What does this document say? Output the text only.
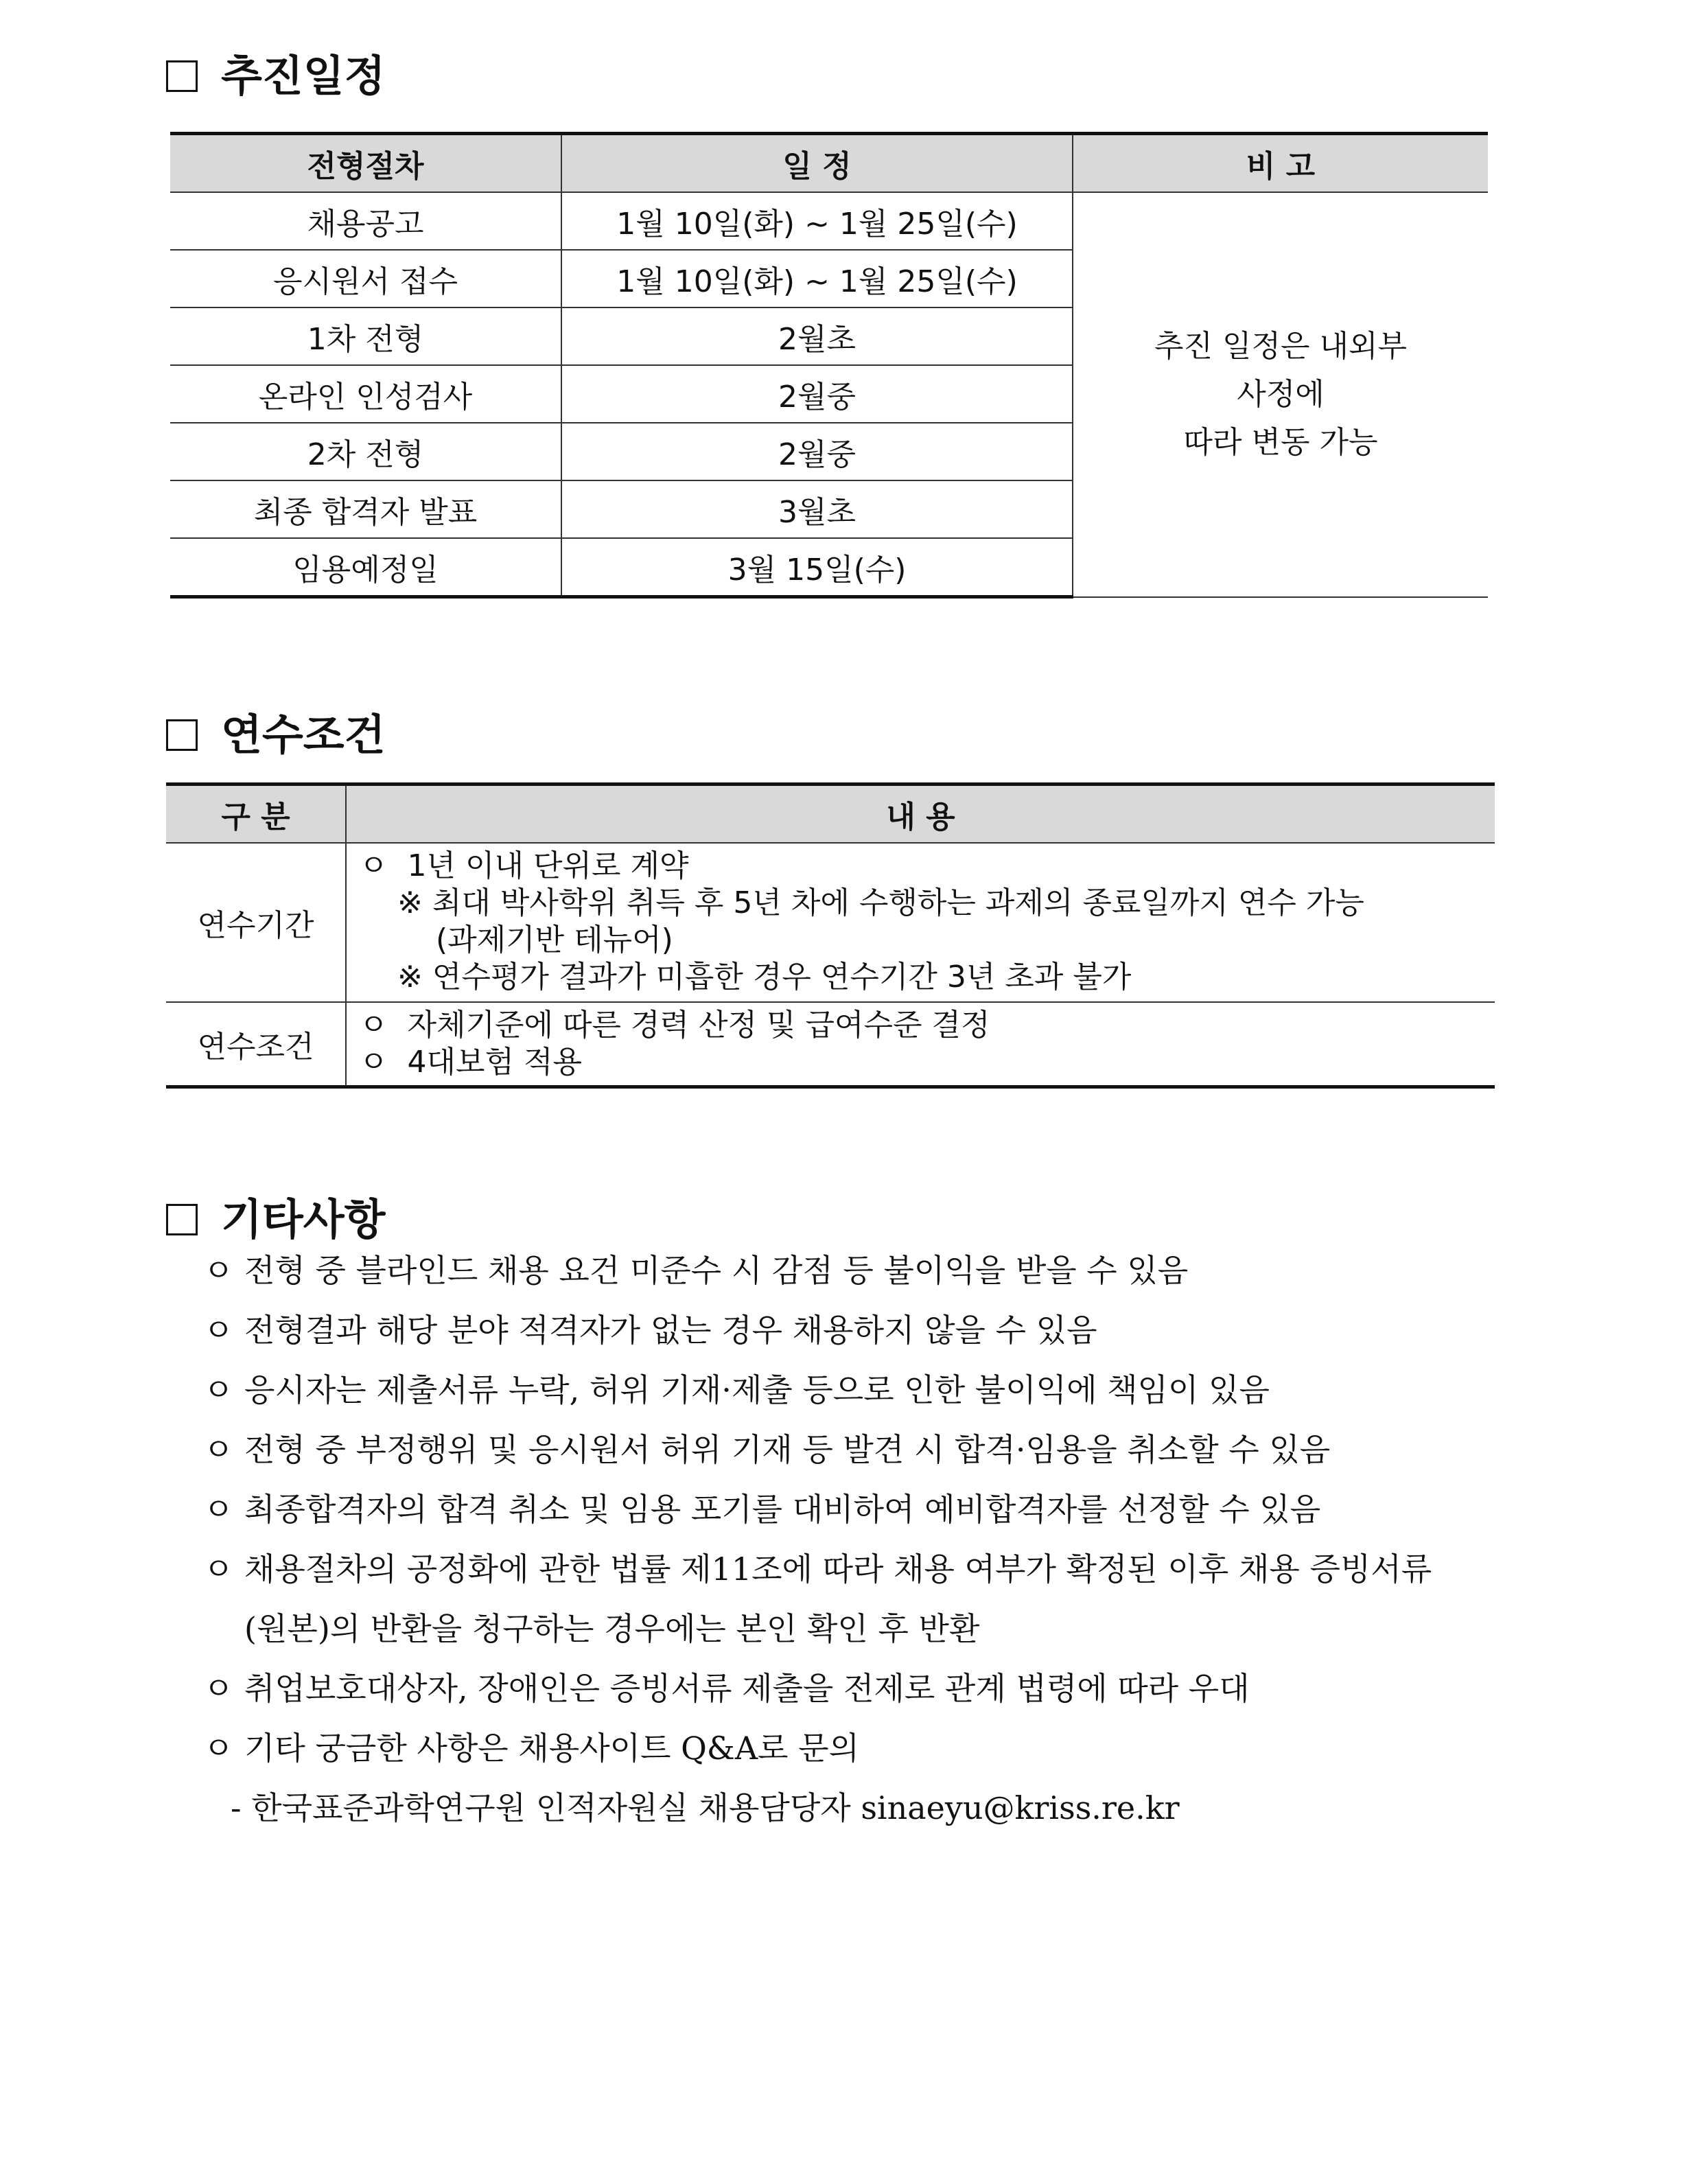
추진일정
전형절차	일 정	비 고
채용공고	1월 10일(화) ~ 1월 25일(수)	추진 일정은 내외부
사정에
따라 변동 가능
응시원서 접수	1월 10일(화) ~ 1월 25일(수)	
1차 전형	2월초	
온라인 인성검사	2월중	
2차 전형	2월중	
최종 합격자 발표	3월초	
임용예정일	3월 15일(수)	
연수조건
구 분	내 용
연수기간	ㅇ 1년 이내 단위로 계약
※ 최대 박사학위 취득 후 5년 차에 수행하는 과제의 종료일까지 연수 가능
(과제기반 테뉴어)
※ 연수평가 결과가 미흡한 경우 연수기간 3년 초과 불가

연수조건	ㅇ 자체기준에 따른 경력 산정 및 급여수준 결정
ㅇ 4대보험 적용
기타사항
ㅇ 전형 중 블라인드 채용 요건 미준수 시 감점 등 불이익을 받을 수 있음
ㅇ 전형결과 해당 분야 적격자가 없는 경우 채용하지 않을 수 있음
ㅇ 응시자는 제출서류 누락, 허위 기재·제출 등으로 인한 불이익에 책임이 있음
ㅇ 전형 중 부정행위 및 응시원서 허위 기재 등 발견 시 합격·임용을 취소할 수 있음
ㅇ 최종합격자의 합격 취소 및 임용 포기를 대비하여 예비합격자를 선정할 수 있음
ㅇ 채용절차의 공정화에 관한 법률 제11조에 따라 채용 여부가 확정된 이후 채용 증빙서류
(원본)의 반환을 청구하는 경우에는 본인 확인 후 반환
ㅇ 취업보호대상자, 장애인은 증빙서류 제출을 전제로 관계 법령에 따라 우대
ㅇ 기타 궁금한 사항은 채용사이트 Q&A로 문의
- 한국표준과학연구원 인적자원실 채용담당자 sinaeyu@kriss.re.kr
